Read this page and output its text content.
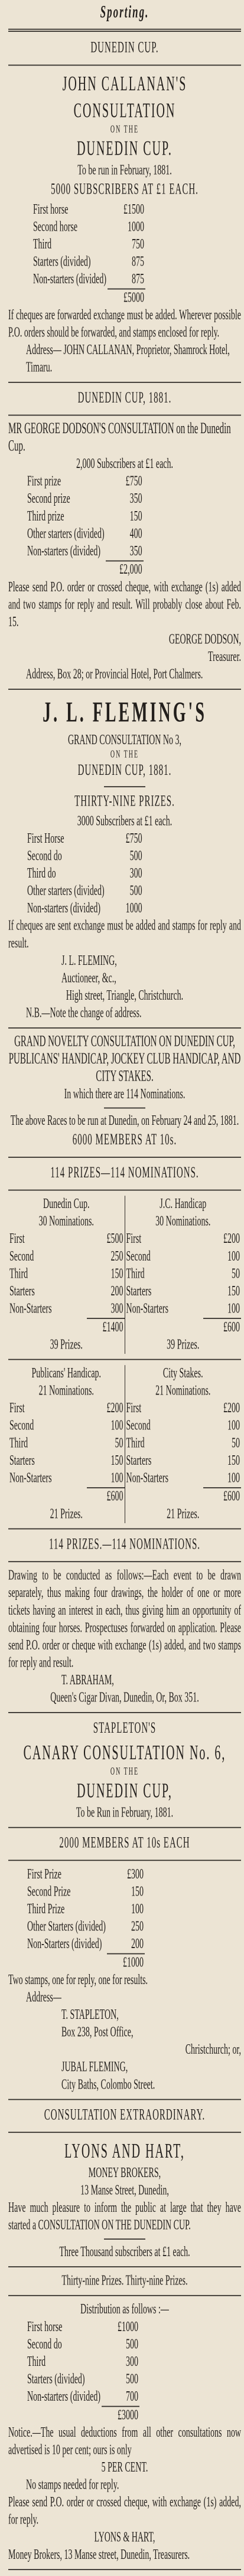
Sporting.
DUNEDIN CUP.
JOHN CALLANAN'S
CONSULTATION
ON THE
DUNEDIN CUP.
To be run in February, 1881.
5000 SUBSCRIBERS AT £1 EACH.
First horse	£1500
Second horse	1000
Third	750
Starters (divided)	875
Non-starters (divided)	875
	£5000
If cheques are forwarded exchange must be added. Wherever possible P.O. orders should be forwarded, and stamps enclosed for reply.
Address— JOHN CALLANAN, Proprietor, Shamrock Hotel, Timaru.
DUNEDIN CUP, 1881.
MR GEORGE DODSON'S CONSULTATION on the Dunedin Cup.
2,000 Subscribers at £1 each.
First prize	£750
Second prize	350
Third prize	150
Other starters (divided)	400
Non-starters (divided)	350
	£2,000
Please send P.O. order or crossed cheque, with exchange (1s) added and two stamps for reply and result. Will probably close about Feb. 15.
GEORGE DODSON,
Treasurer.
Address, Box 28; or Provincial Hotel, Port Chalmers.
J. L. FLEMING'S
GRAND CONSULTATION No 3,
ON THE
DUNEDIN CUP, 1881.
THIRTY-NINE PRIZES.
3000 Subscribers at £1 each.
First Horse	£750
Second do	500
Third do	300
Other starters (divided)	500
Non-starters (divided)	1000
If cheques are sent exchange must be added and stamps for reply and result.
J. L. FLEMING,
Auctioneer, &c.,
High street, Triangle, Christchurch.
N.B.—Note the change of address.
GRAND NOVELTY CONSULTATION ON DUNEDIN CUP, PUBLICANS' HANDICAP, JOCKEY CLUB HANDICAP, AND CITY STAKES.
In which there are 114 Nominations.
The above Races to be run at Dunedin, on February 24 and 25, 1881.
6000 MEMBERS AT 10s.
114 PRIZES—114 NOMINATIONS.
Dunedin Cup.
30 Nominations.
First	£500
Second	250
Third	150
Starters	200
Non-Starters	300
	£1400
39 Prizes.
J.C. Handicap
30 Nominations.
First	£200
Second	100
Third	50
Starters	150
Non-Starters	100
	£600
39 Prizes.
Publicans' Handicap.
21 Nominations.
First	£200
Second	100
Third	50
Starters	150
Non-Starters	100
	£600
21 Prizes.
City Stakes.
21 Nominations.
First	£200
Second	100
Third	50
Starters	150
Non-Starters	100
	£600
21 Prizes.
114 PRIZES.—114 NOMINATIONS.
Drawing to be conducted as follows:—Each event to be drawn separately, thus making four drawings, the holder of one or more tickets having an interest in each, thus giving him an opportunity of obtaining four horses. Prospectuses forwarded on application. Please send P.O. order or cheque with exchange (1s) added, and two stamps for reply and result.
T. ABRAHAM,
Queen's Cigar Divan, Dunedin, Or, Box 351.
STAPLETON'S
CANARY CONSULTATION No. 6,
ON THE
DUNEDIN CUP,
To be Run in February, 1881.
2000 MEMBERS AT 10s EACH
First Prize	£300
Second Prize	150
Third Prize	100
Other Starters (divided)	250
Non-Starters (divided)	200
	£1000
Two stamps, one for reply, one for results.
Address—
T. STAPLETON,
Box 238, Post Office,
Christchurch; or,
JUBAL FLEMING,
City Baths, Colombo Street.
CONSULTATION EXTRAORDINARY.
LYONS AND HART,
MONEY BROKERS,
13 Manse Street, Dunedin,
Have much pleasure to inform the public at large that they have started a CONSULTATION ON THE DUNEDIN CUP.
Three Thousand subscribers at £1 each.
Thirty-nine Prizes. Thirty-nine Prizes.
Distribution as follows :—
First horse	£1000
Second do	500
Third	300
Starters (divided)	500
Non-starters (divided)	700
	£3000
Notice.—The usual deductions from all other consultations now advertised is 10 per cent; ours is only
5 PER CENT.
No stamps needed for reply.
Please send P.O. order or crossed cheque, with exchange (1s) added, for reply.
LYONS & HART,
Money Brokers, 13 Manse street, Dunedin, Treasurers.
